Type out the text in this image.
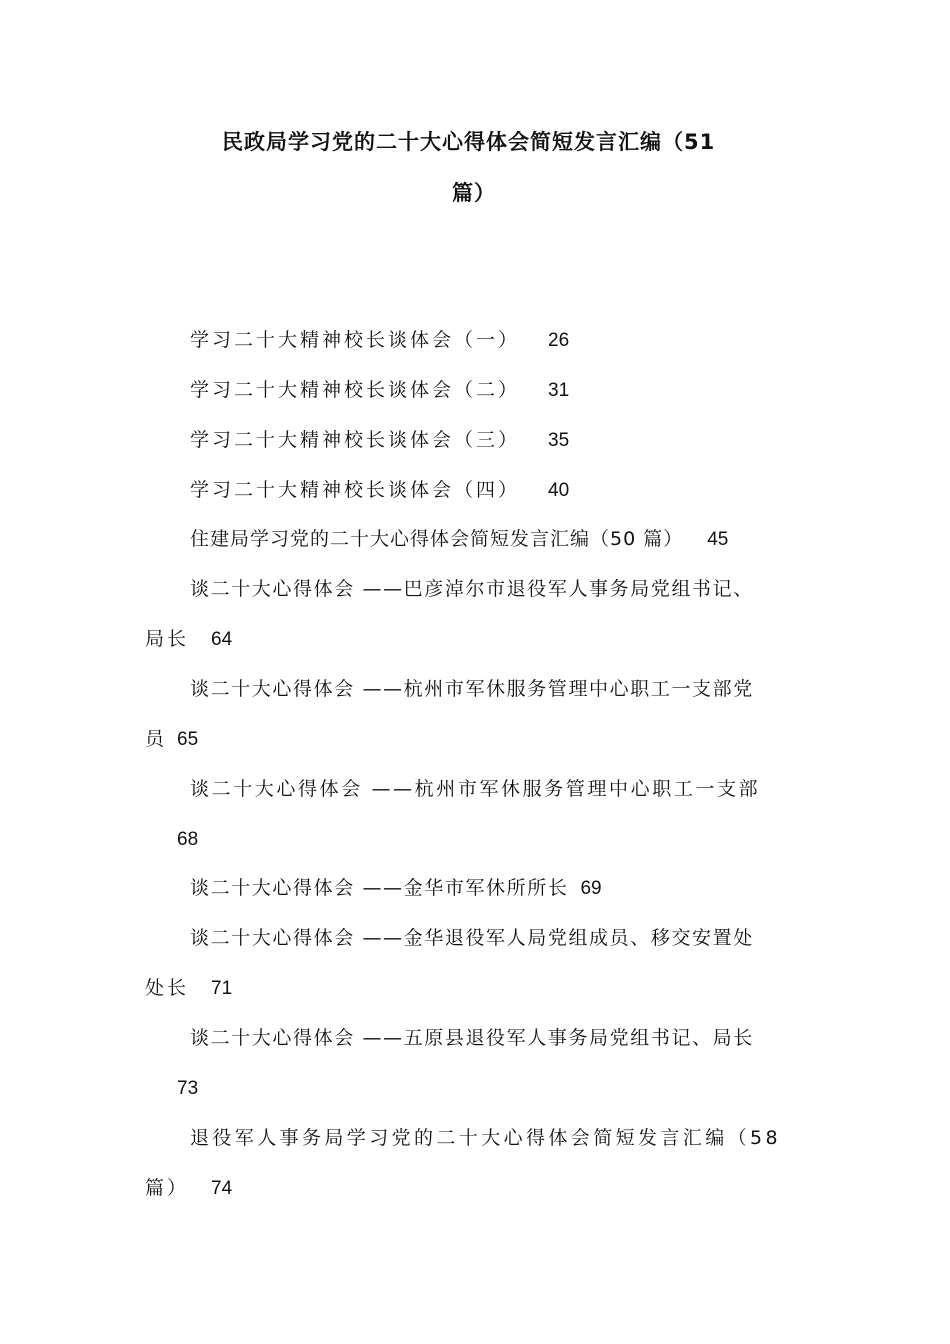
民政局学习党的二十大心得体会简短发言汇编（51
篇）
学习二十大精神校长谈体会（一） 26
学习二十大精神校长谈体会（二） 31
学习二十大精神校长谈体会（三） 35
学习二十大精神校长谈体会（四） 40
住建局学习党的二十大心得体会简短发言汇编（50 篇） 45
谈二十大心得体会 ——巴彦淖尔市退役军人事务局党组书记、
局长 64
谈二十大心得体会 ——杭州市军休服务管理中心职工一支部党
员 65
谈二十大心得体会 ——杭州市军休服务管理中心职工一支部
68
谈二十大心得体会 ——金华市军休所所长 69
谈二十大心得体会 ——金华退役军人局党组成员、移交安置处
处长 71
谈二十大心得体会 ——五原县退役军人事务局党组书记、局长
73
退役军人事务局学习党的二十大心得体会简短发言汇编（58
篇） 74
